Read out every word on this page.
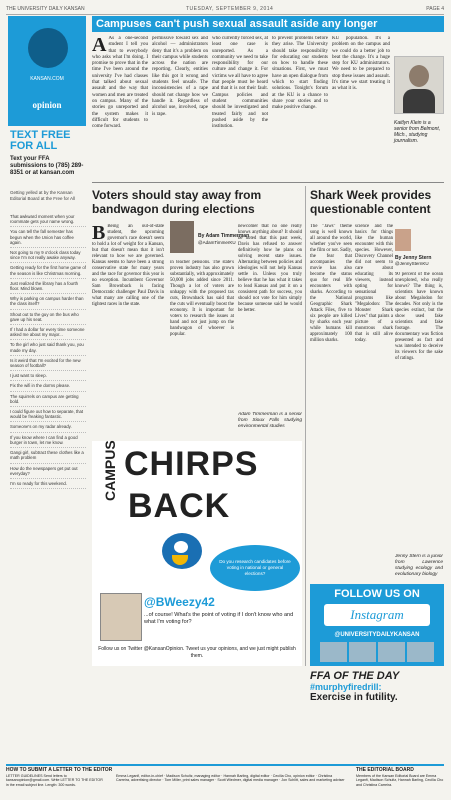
THE UNIVERSITY DAILY KANSAN	TUESDAY, SEPTEMBER 9, 2014	PAGE 4
KANSAN.COM
opinion
TEXT FREE FOR ALL
Text your FFA submissions to (785) 289-8351 or at kansan.com
Getting yelled at by the Kansan Editorial Board at the Free for All
That awkward moment when your roommate gets your name wrong.
You can tell the fall semester has begun when the Union has coffee again.
Not going to my 9 o'clock class today since I'm not really awake anyway.
Getting ready for the first home game of the season is like Christmas morning.
Just realized the library has a fourth floor. Mind blown.
Why is parking on campus harder than the class itself?
Shout out to the guy on the bus who gave up his seat.
If I had a dollar for every time someone asked me about my major...
To the girl who just said thank you, you made my day.
Is it weird that I'm excited for the new season of football?
I just want to sleep.
Fix the wifi in the dorms please.
The squirrels on campus are getting bold.
I could figure out how to separate, that would be freaking fantastic.
Someone's on my radar already.
If you know where I can find a good burger in town, let me know.
Gangi girl, subtract these clothes like a math problem
How do the newspapers get put out everyday?
I'm so ready for this weekend.
Campuses can't push sexual assault aside any longer
A As a one-second student I tell you that to everybody who asks what I'm doing. I promise to prove that in the time I've been around the university I've had classes that talked about sexual assault and the way that women and men are treated on campus. Many of the stories go unreported and the system makes it difficult for students to come forward.
permissive toward sex and alcohol — administrators deny that it's a problem on their campus while students across the nation are reporting. Clearly, entities like this got it wrong and students feel unsafe. The inconsistencies of a rape should not change how we handle it. Regardless of alcohol use, involved, rape is rape.
who currently forced sex, at least one case is unreported. As a community we need to take responsibility for our culture and change it. For victims we all have to agree that people must be heard and that it is not their fault. Campus policies and student communities should be investigated and treated fairly and not pushed aside by the institution.
to prevent problems before they arise. The University should take responsibility for educating our students on how to handle these situations. First, we must have an open dialogue from which to start finding solutions. Tonight's forum at the KU is a chance to share your stories and to make positive change.
KU population. It's a problem on the campus and we could do a better job to beat the change. It's a huge step for KU administrators. We need to be prepared to stop these issues and assault. It's time we start treating it as what it is.
Kaitlyn Klein is a senior from Belmont, Mich., studying journalism.
Voters should stay away from bandwagon during elections
Shark Week provides questionable content
By Adam Timmerman
@AdamTimmerKU
B Being an out-of-state student, the upcoming governor's race doesn't seem to hold a lot of weight for a Kansan, but that doesn't mean that it isn't relevant to how we are governed. Kansas seems to have been a strong conservative state for many years and the race for governor this year is no exception. Incumbent Governor Sam Brownback is facing Democratic challenger Paul Davis in what many are calling one of the tightest races in the state.
in teacher pensions. The state's proven industry has also grown substantially, with approximately 50,000 jobs added since 2011. Though a lot of voters are unhappy with the proposed tax cuts, Brownback has said that the cuts will eventually boost the economy. It is important for voters to research the issues at hand and not just jump on the bandwagon of whoever is popular.
newcomer that no one really knows anything about? It should be noted that this past week, Davis has refused to answer definitively how he plans on solving recent state issues. Alternating between policies and ideologies will not help Kansas settle in. Unless you truly believe that he has what it takes to lead Kansas and put it on a consistent path for success, you should not vote for him simply because someone said he would be better.
Adam Timmerman is a senior from Sioux Falls studying environmental studies
The "Jaws" theme song is well known all around the world, whether you've seen the film or not. Sadly, the fear that accompanies the movie has also become the status quo for real life encounters with sharks. According to the National Geographic Shark Attack Files, five to six people are killed by sharks each year while humans kill approximately 100 million sharks.
science and the basics for things like the human encounter with this species. However, Discovery Channel did not seem to care about educating its viewers, instead opting for sensational programs like "Megalodon: The Monster Shark Lives" that paints a picture of a monstrous shark that is still alive today.
By Jenny Stern
@JennySternKU
90 percent of the ocean unexplored, who really knows? The thing is, scientists have known about Megalodon for decades. Not only is the species extinct, but the show used fake scientists and fake footage. The documentary was fiction presented as fact and was intended to deceive its viewers for the sake of ratings.
Jenny Stern is a junior from Lawrence studying ecology and evolutionary biology
CAMPUS CHIRPS
BACK
Do you research candidates before voting in national or general elections?
@BWeezy42
...of course! What's the point of voting if I don't know who and what I'm voting for?
Follow us on Twitter @KansanOpinion. Tweet us your opinions, and we just might publish them.
FOLLOW US ON
Instagram
@UNIVERSITYDAILYKANSAN
FFA OF THE DAY
#murphyfiredrill:
Exercise in futility.
HOW TO SUBMIT A LETTER TO THE EDITOR
LETTER GUIDELINES Send letters to kansanopinion@gmail.com. Write LETTER TO THE EDITOR in the email subject line. Length: 300 words.
Emma Leganfi, editor-in-chief · Madison Schultz, managing editor · Hannah Barling, digital editor · Cecilia Cho, opinion editor · Christina Carreira, advertising director · Tom Miller, print sales manager · Scott Wiedmer, digital media manager · Jon Schlitt, sales and marketing adviser
THE EDITORIAL BOARD
Members of the Kansan Editorial Board are Emma Leganfi, Madison Schultz, Hannah Barling, Cecilia Cho and Christina Carreira.
